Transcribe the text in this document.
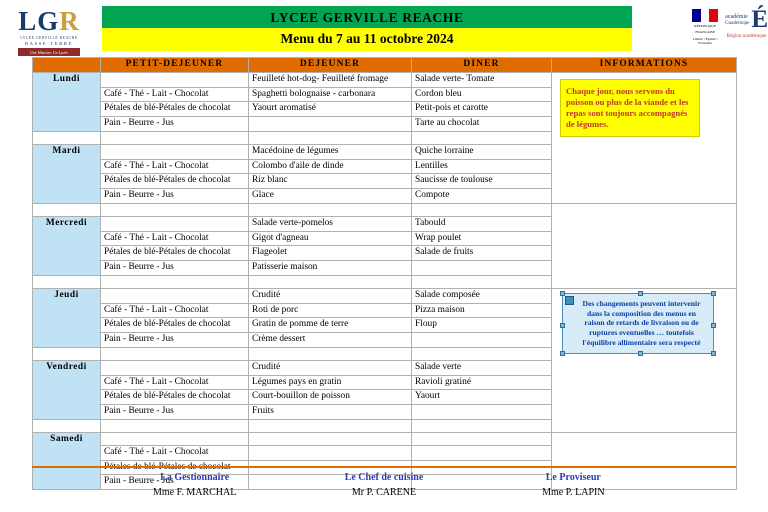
LGR
LYCEE GERVILLE REACHE
BASSE-TERRE
Une Histoire, Un Lycée
LYCEE GERVILLE REACHE
Menu du 7 au 11 octobre 2024
RÉPUBLIQUE
FRANÇAISE
Liberté • Égalité • Fraternité
académie
Guadeloupe É
Région académique
	PETIT-DEJEUNER	DEJEUNER	DINER	INFORMATIONS
Lundi		Feuilleté hot-dog- Feuilleté fromage	Salade verte- Tomate	Chaque jour, nous servons du poisson ou plus de la viande et les repas sont toujours accompagnés de légumes.

	Café - Thé - Lait - Chocolat	Spaghetti bolognaise - carbonara	Cordon bleu	
	Pétales de blé-Pétales de chocolat	Yaourt aromatisé	Petit-pois et carotte	
	Pain - Beurre - Jus		Tarte au chocolat	

Mardi		Macédoine de légumes	Quiche lorraine	
	Café - Thé - Lait - Chocolat	Colombo d'aile de dinde	Lentilles	
	Pétales de blé-Pétales de chocolat	Riz blanc	Saucisse de toulouse	
	Pain - Beurre - Jus	Glace	Compote	

Mercredi		Salade verte-pomelos	Tabould	
	Café - Thé - Lait - Chocolat	Gigot d'agneau	Wrap poulet	
	Pétales de blé-Pétales de chocolat	Flageolet	Salade de fruits	
	Pain - Beurre - Jus	Patisserie maison		

Jeudi		Crudité	Salade composée	Des changements peuvent intervenir dans la composition des menus en raison de retards de livraison ou de ruptures eventuelles … toutefois l'équilibre allimentaire sera respecté

	Café - Thé - Lait - Chocolat	Roti de porc	Pizza maison	
	Pétales de blé-Pétales de chocolat	Gratin de pomme de terre	Floup	
	Pain - Beurre - Jus	Crème dessert		

Vendredi		Crudité	Salade verte	
	Café - Thé - Lait - Chocolat	Légumes pays en gratin	Ravioli gratiné	
	Pétales de blé-Pétales de chocolat	Court-bouillon de poisson	Yaourt	
	Pain - Beurre - Jus	Fruits		

Samedi				
	Café - Thé - Lait - Chocolat			
	Pétales de blé-Pétales de chocolat			
	Pain - Beurre - Jus			
La Gestionnaire
Mme F. MARCHAL
Le Chef de cuisine
Mr P. CARENE
Le Proviseur
Mme P. LAPIN
